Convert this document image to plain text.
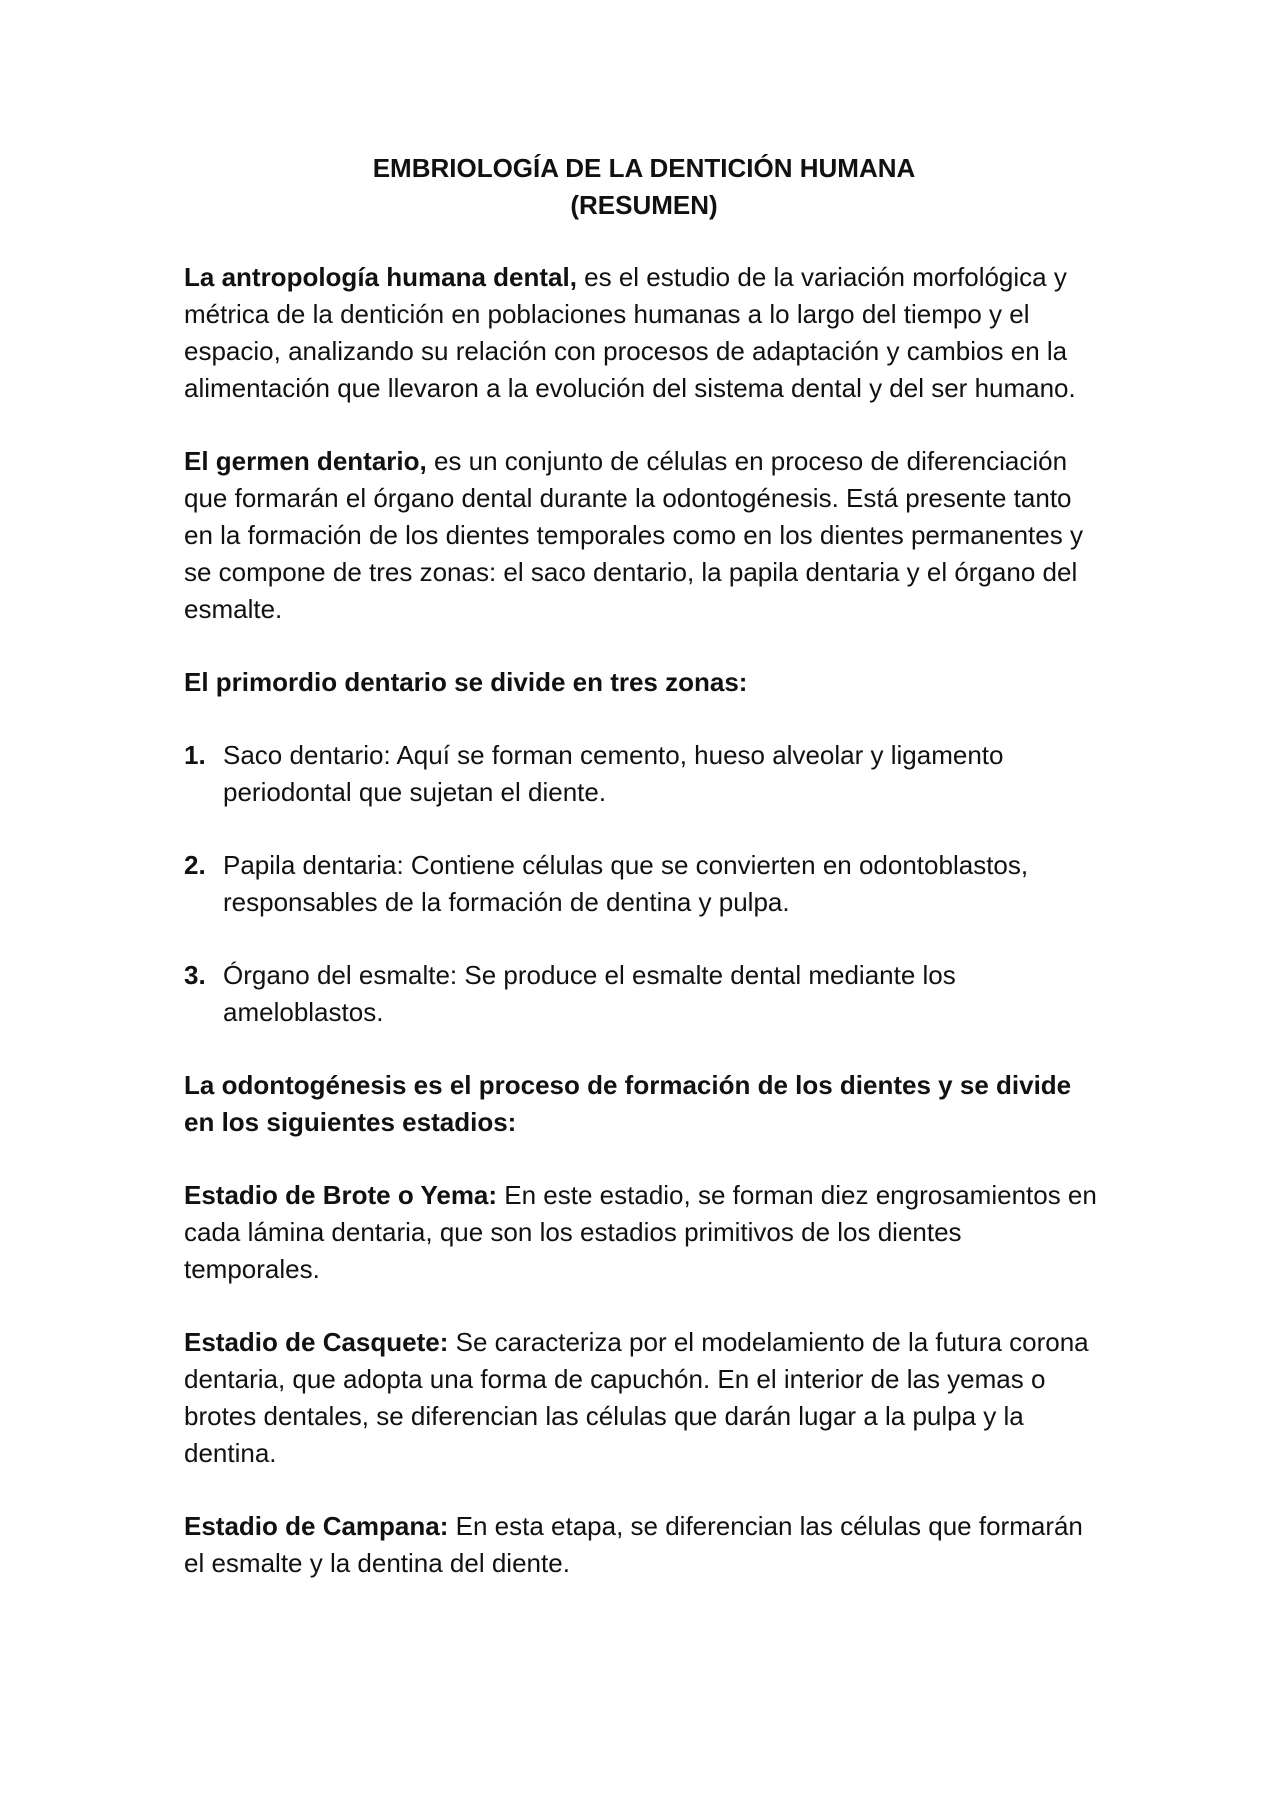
EMBRIOLOGÍA DE LA DENTICIÓN HUMANA
(RESUMEN)

La antropología humana dental, es el estudio de la variación morfológica y métrica de la dentición en poblaciones humanas a lo largo del tiempo y el espacio, analizando su relación con procesos de adaptación y cambios en la alimentación que llevaron a la evolución del sistema dental y del ser humano.

El germen dentario, es un conjunto de células en proceso de diferenciación que formarán el órgano dental durante la odontogénesis. Está presente tanto en la formación de los dientes temporales como en los dientes permanentes y se compone de tres zonas: el saco dentario, la papila dentaria y el órgano del esmalte.

El primordio dentario se divide en tres zonas:
1. Saco dentario: Aquí se forman cemento, hueso alveolar y ligamento periodontal que sujetan el diente.
2. Papila dentaria: Contiene células que se convierten en odontoblastos, responsables de la formación de dentina y pulpa.
3. Órgano del esmalte: Se produce el esmalte dental mediante los ameloblastos.
La odontogénesis es el proceso de formación de los dientes y se divide en los siguientes estadios:

Estadio de Brote o Yema: En este estadio, se forman diez engrosamientos en cada lámina dentaria, que son los estadios primitivos de los dientes temporales.

Estadio de Casquete: Se caracteriza por el modelamiento de la futura corona dentaria, que adopta una forma de capuchón. En el interior de las yemas o brotes dentales, se diferencian las células que darán lugar a la pulpa y la dentina.

Estadio de Campana: En esta etapa, se diferencian las células que formarán el esmalte y la dentina del diente.
